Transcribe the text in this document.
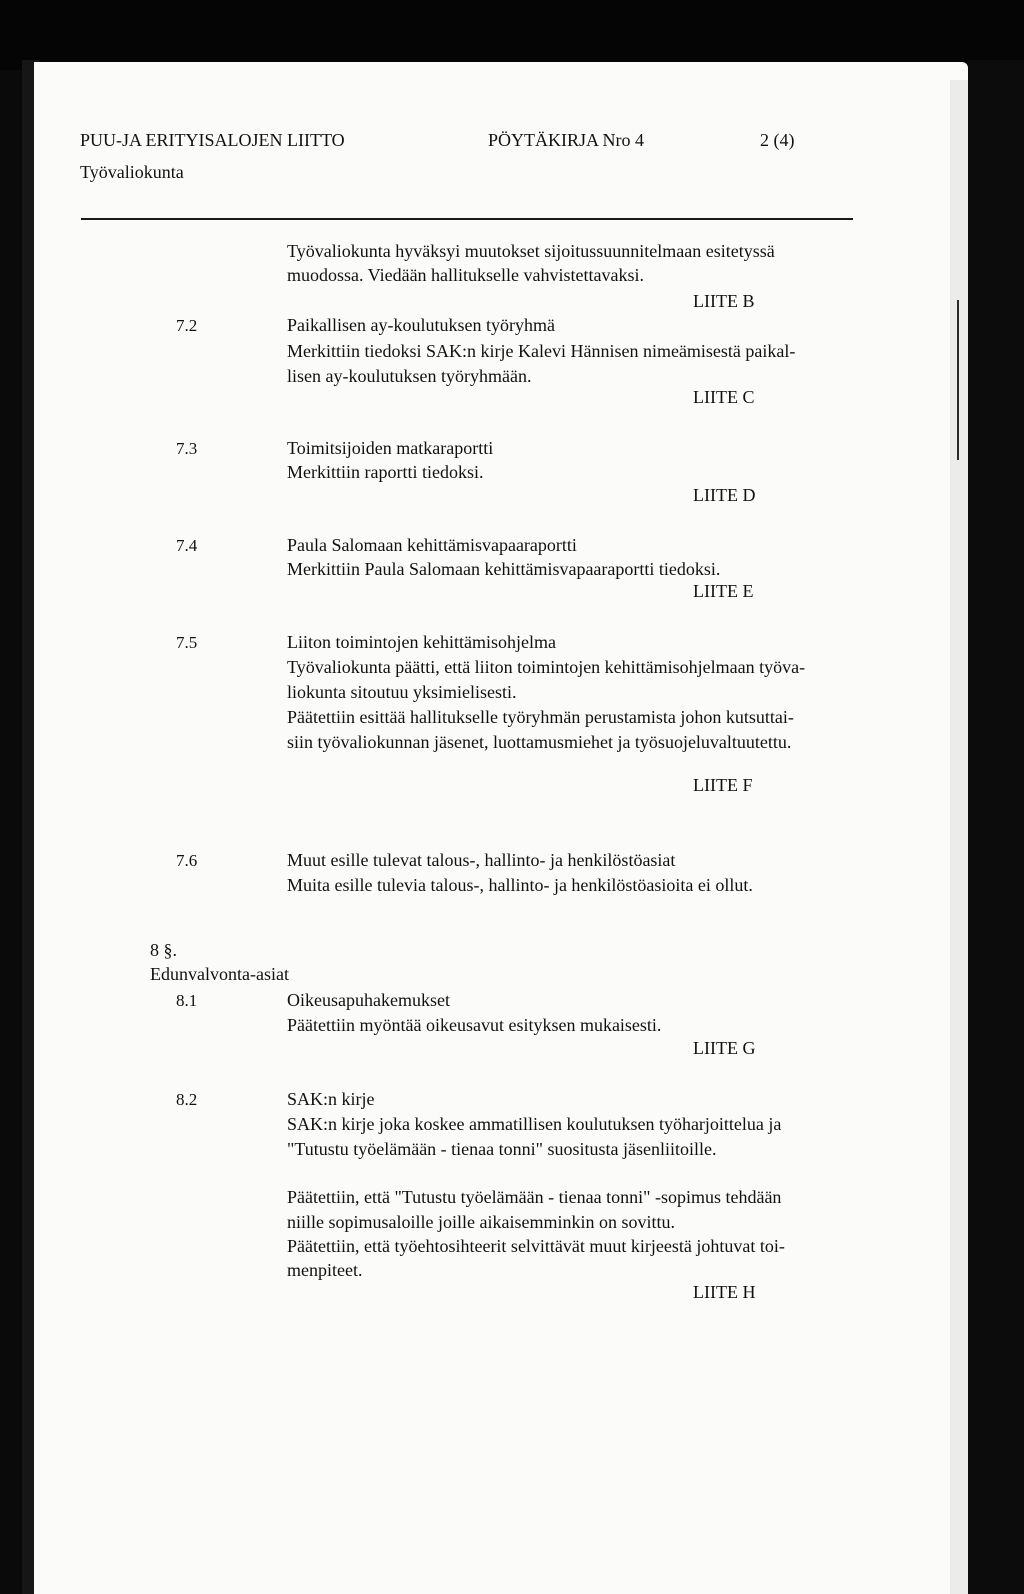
PUU-JA ERITYISALOJEN LIITTO	PÖYTÄKIRJA Nro 4	2 (4)
Työvaliokunta
Työvaliokunta hyväksyi muutokset sijoitussuunnitelmaan esitetyssä
muodossa. Viedään hallitukselle vahvistettavaksi.
LIITE B
7.2	Paikallisen ay-koulutuksen työryhmä
Merkittiin tiedoksi SAK:n kirje Kalevi Hännisen nimeämisestä paikal-
lisen ay-koulutuksen työryhmään.
LIITE C
7.3	Toimitsijoiden matkaraportti
Merkittiin raportti tiedoksi.
LIITE D
7.4	Paula Salomaan kehittämisvapaaraportti
Merkittiin Paula Salomaan kehittämisvapaaraportti tiedoksi.
LIITE E
7.5	Liiton toimintojen kehittämisohjelma
Työvaliokunta päätti, että liiton toimintojen kehittämisohjelmaan työva-
liokunta sitoutuu yksimielisesti.
Päätettiin esittää hallitukselle työryhmän perustamista johon kutsuttai-
siin työvaliokunnan jäsenet, luottamusmiehet ja työsuojeluvaltuutettu.
LIITE F
7.6	Muut esille tulevat talous-, hallinto- ja henkilöstöasiat
Muita esille tulevia talous-, hallinto- ja henkilöstöasioita ei ollut.
8 §.
Edunvalvonta-asiat
8.1	Oikeusapuhakemukset
Päätettiin myöntää oikeusavut esityksen mukaisesti.
LIITE G
8.2	SAK:n kirje
SAK:n kirje joka koskee ammatillisen koulutuksen työharjoittelua ja
"Tutustu työelämään - tienaa tonni" suositusta jäsenliitoille.
Päätettiin, että "Tutustu työelämään - tienaa tonni" -sopimus tehdään
niille sopimusaloille joille aikaisemminkin on sovittu.
Päätettiin, että työehtosihteerit selvittävät muut kirjeestä johtuvat toi-
menpiteet.
LIITE H
